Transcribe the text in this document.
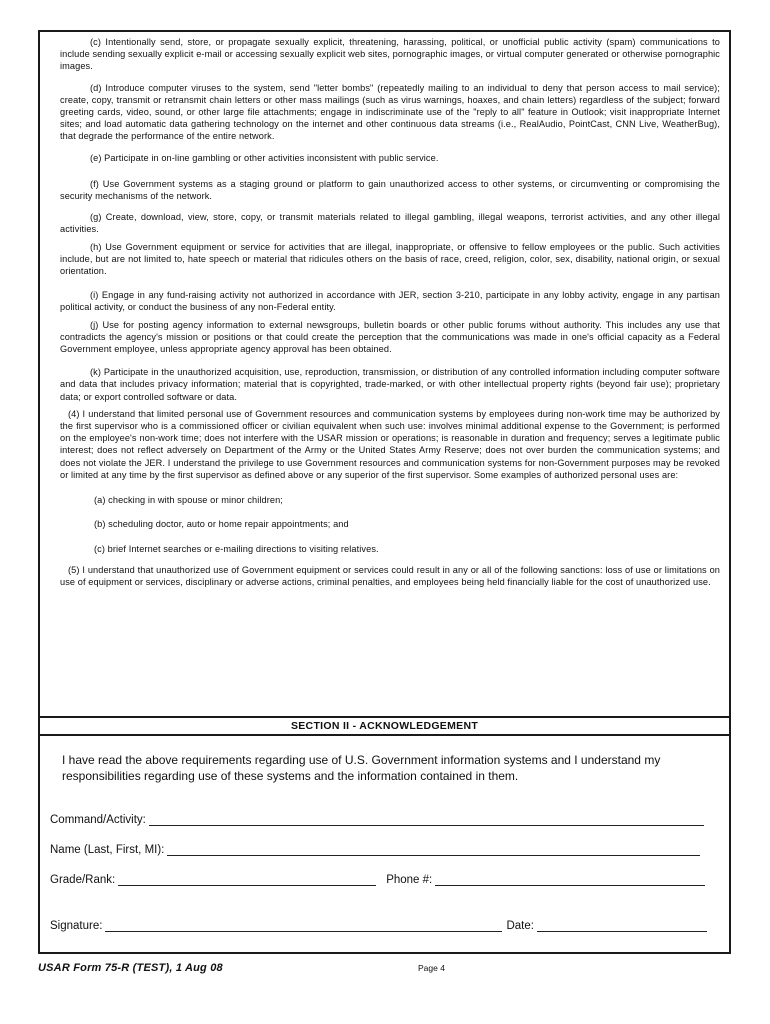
(c) Intentionally send, store, or propagate sexually explicit, threatening, harassing, political, or unofficial public activity (spam) communications to include sending sexually explicit e-mail or accessing sexually explicit web sites, pornographic images, or virtual computer generated or otherwise pornographic images.

(d) Introduce computer viruses to the system, send "letter bombs" (repeatedly mailing to an individual to deny that person access to mail service); create, copy, transmit or retransmit chain letters or other mass mailings (such as virus warnings, hoaxes, and chain letters) regardless of the subject; forward greeting cards, video, sound, or other large file attachments; engage in indiscriminate use of the "reply to all" feature in Outlook; visit inappropriate Internet sites; and load automatic data gathering technology on the internet and other continuous data streams (i.e., RealAudio, PointCast, CNN Live, WeatherBug), that degrade the performance of the entire network.

(e) Participate in on-line gambling or other activities inconsistent with public service.

(f) Use Government systems as a staging ground or platform to gain unauthorized access to other systems, or circumventing or compromising the security mechanisms of the network.

(g) Create, download, view, store, copy, or transmit materials related to illegal gambling, illegal weapons, terrorist activities, and any other illegal activities.

(h) Use Government equipment or service for activities that are illegal, inappropriate, or offensive to fellow employees or the public. Such activities include, but are not limited to, hate speech or material that ridicules others on the basis of race, creed, religion, color, sex, disability, national origin, or sexual orientation.

(i) Engage in any fund-raising activity not authorized in accordance with JER, section 3-210, participate in any lobby activity, engage in any partisan political activity, or conduct the business of any non-Federal entity.

(j) Use for posting agency information to external newsgroups, bulletin boards or other public forums without authority. This includes any use that contradicts the agency's mission or positions or that could create the perception that the communications was made in one's official capacity as a Federal Government employee, unless appropriate agency approval has been obtained.

(k) Participate in the unauthorized acquisition, use, reproduction, transmission, or distribution of any controlled information including computer software and data that includes privacy information; material that is copyrighted, trade-marked, or with other intellectual property rights (beyond fair use); proprietary data; or export controlled software or data.

(4) I understand that limited personal use of Government resources and communication systems by employees during non-work time may be authorized by the first supervisor who is a commissioned officer or civilian equivalent when such use: involves minimal additional expense to the Government; is performed on the employee's non-work time; does not interfere with the USAR mission or operations; is reasonable in duration and frequency; serves a legitimate public interest; does not reflect adversely on Department of the Army or the United States Army Reserve; does not over burden the communication systems; and does not violate the JER. I understand the privilege to use Government resources and communication systems for non-Government purposes may be revoked or limited at any time by the first supervisor as defined above or any superior of the first supervisor. Some examples of authorized personal uses are:

(a) checking in with spouse or minor children;

(b) scheduling doctor, auto or home repair appointments; and

(c) brief Internet searches or e-mailing directions to visiting relatives.

(5) I understand that unauthorized use of Government equipment or services could result in any or all of the following sanctions: loss of use or limitations on use of equipment or services, disciplinary or adverse actions, criminal penalties, and employees being held financially liable for the cost of unauthorized use.

SECTION II - ACKNOWLEDGEMENT
I have read the above requirements regarding use of U.S. Government information systems and I understand my responsibilities regarding use of these systems and the information contained in them.
Command/Activity:
Name (Last, First, MI):
Grade/Rank:	Phone #:
Signature:	Date:
USAR Form 75-R (TEST), 1 Aug 08	Page 4
